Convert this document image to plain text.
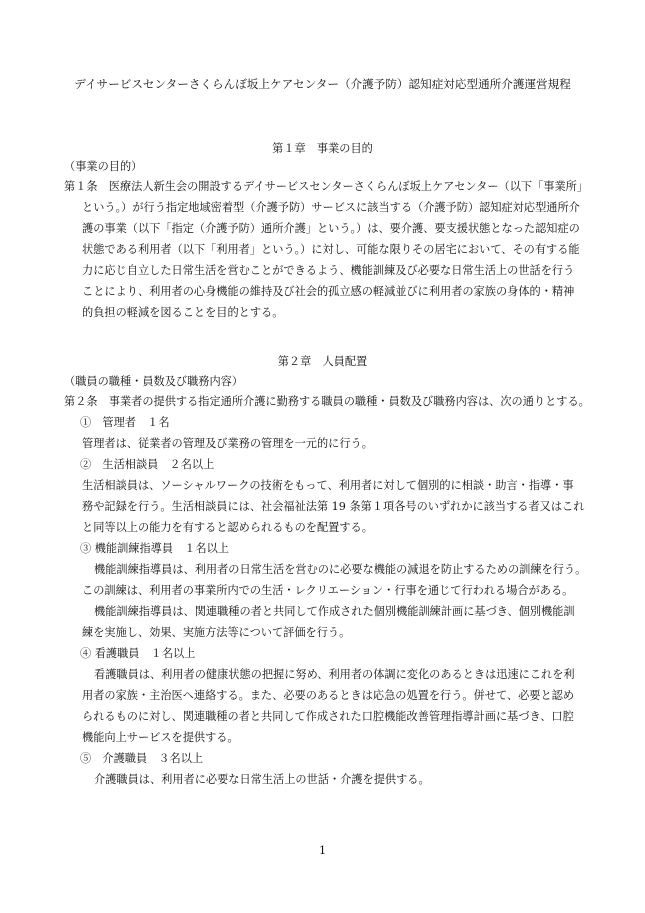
デイサービスセンターさくらんぼ坂上ケアセンター（介護予防）認知症対応型通所介護運営規程
第１章　事業の目的
（事業の目的）
第１条　医療法人新生会の開設するデイサービスセンターさくらんぼ坂上ケアセンター（以下「事業所」
という。）が行う指定地域密着型（介護予防）サービスに該当する（介護予防）認知症対応型通所介
護の事業（以下「指定（介護予防）通所介護」という。）は、要介護、要支援状態となった認知症の
状態である利用者（以下「利用者」という。）に対し、可能な限りその居宅において、その有する能
力に応じ自立した日常生活を営むことができるよう、機能訓練及び必要な日常生活上の世話を行う
ことにより、利用者の心身機能の維持及び社会的孤立感の軽減並びに利用者の家族の身体的・精神
的負担の軽減を図ることを目的とする。
第２章　人員配置
（職員の職種・員数及び職務内容）
第２条　事業者の提供する指定通所介護に勤務する職員の職種・員数及び職務内容は、次の通りとする。
①　管理者　１名
管理者は、従業者の管理及び業務の管理を一元的に行う。
②　生活相談員　２名以上
生活相談員は、ソーシャルワークの技術をもって、利用者に対して個別的に相談・助言・指導・事
務や記録を行う。生活相談員には、社会福祉法第 19 条第１項各号のいずれかに該当する者又はこれ
と同等以上の能力を有すると認められるものを配置する。
③ 機能訓練指導員　１名以上
機能訓練指導員は、利用者の日常生活を営むのに必要な機能の減退を防止するための訓練を行う。
この訓練は、利用者の事業所内での生活・レクリエーション・行事を通じて行われる場合がある。
機能訓練指導員は、関連職種の者と共同して作成された個別機能訓練計画に基づき、個別機能訓
練を実施し、効果、実施方法等について評価を行う。
④ 看護職員　１名以上
看護職員は、利用者の健康状態の把握に努め、利用者の体調に変化のあるときは迅速にこれを利
用者の家族・主治医へ連絡する。また、必要のあるときは応急の処置を行う。併せて、必要と認め
られるものに対し、関連職種の者と共同して作成された口腔機能改善管理指導計画に基づき、口腔
機能向上サービスを提供する。
⑤　介護職員　３名以上
介護職員は、利用者に必要な日常生活上の世話・介護を提供する。
1
